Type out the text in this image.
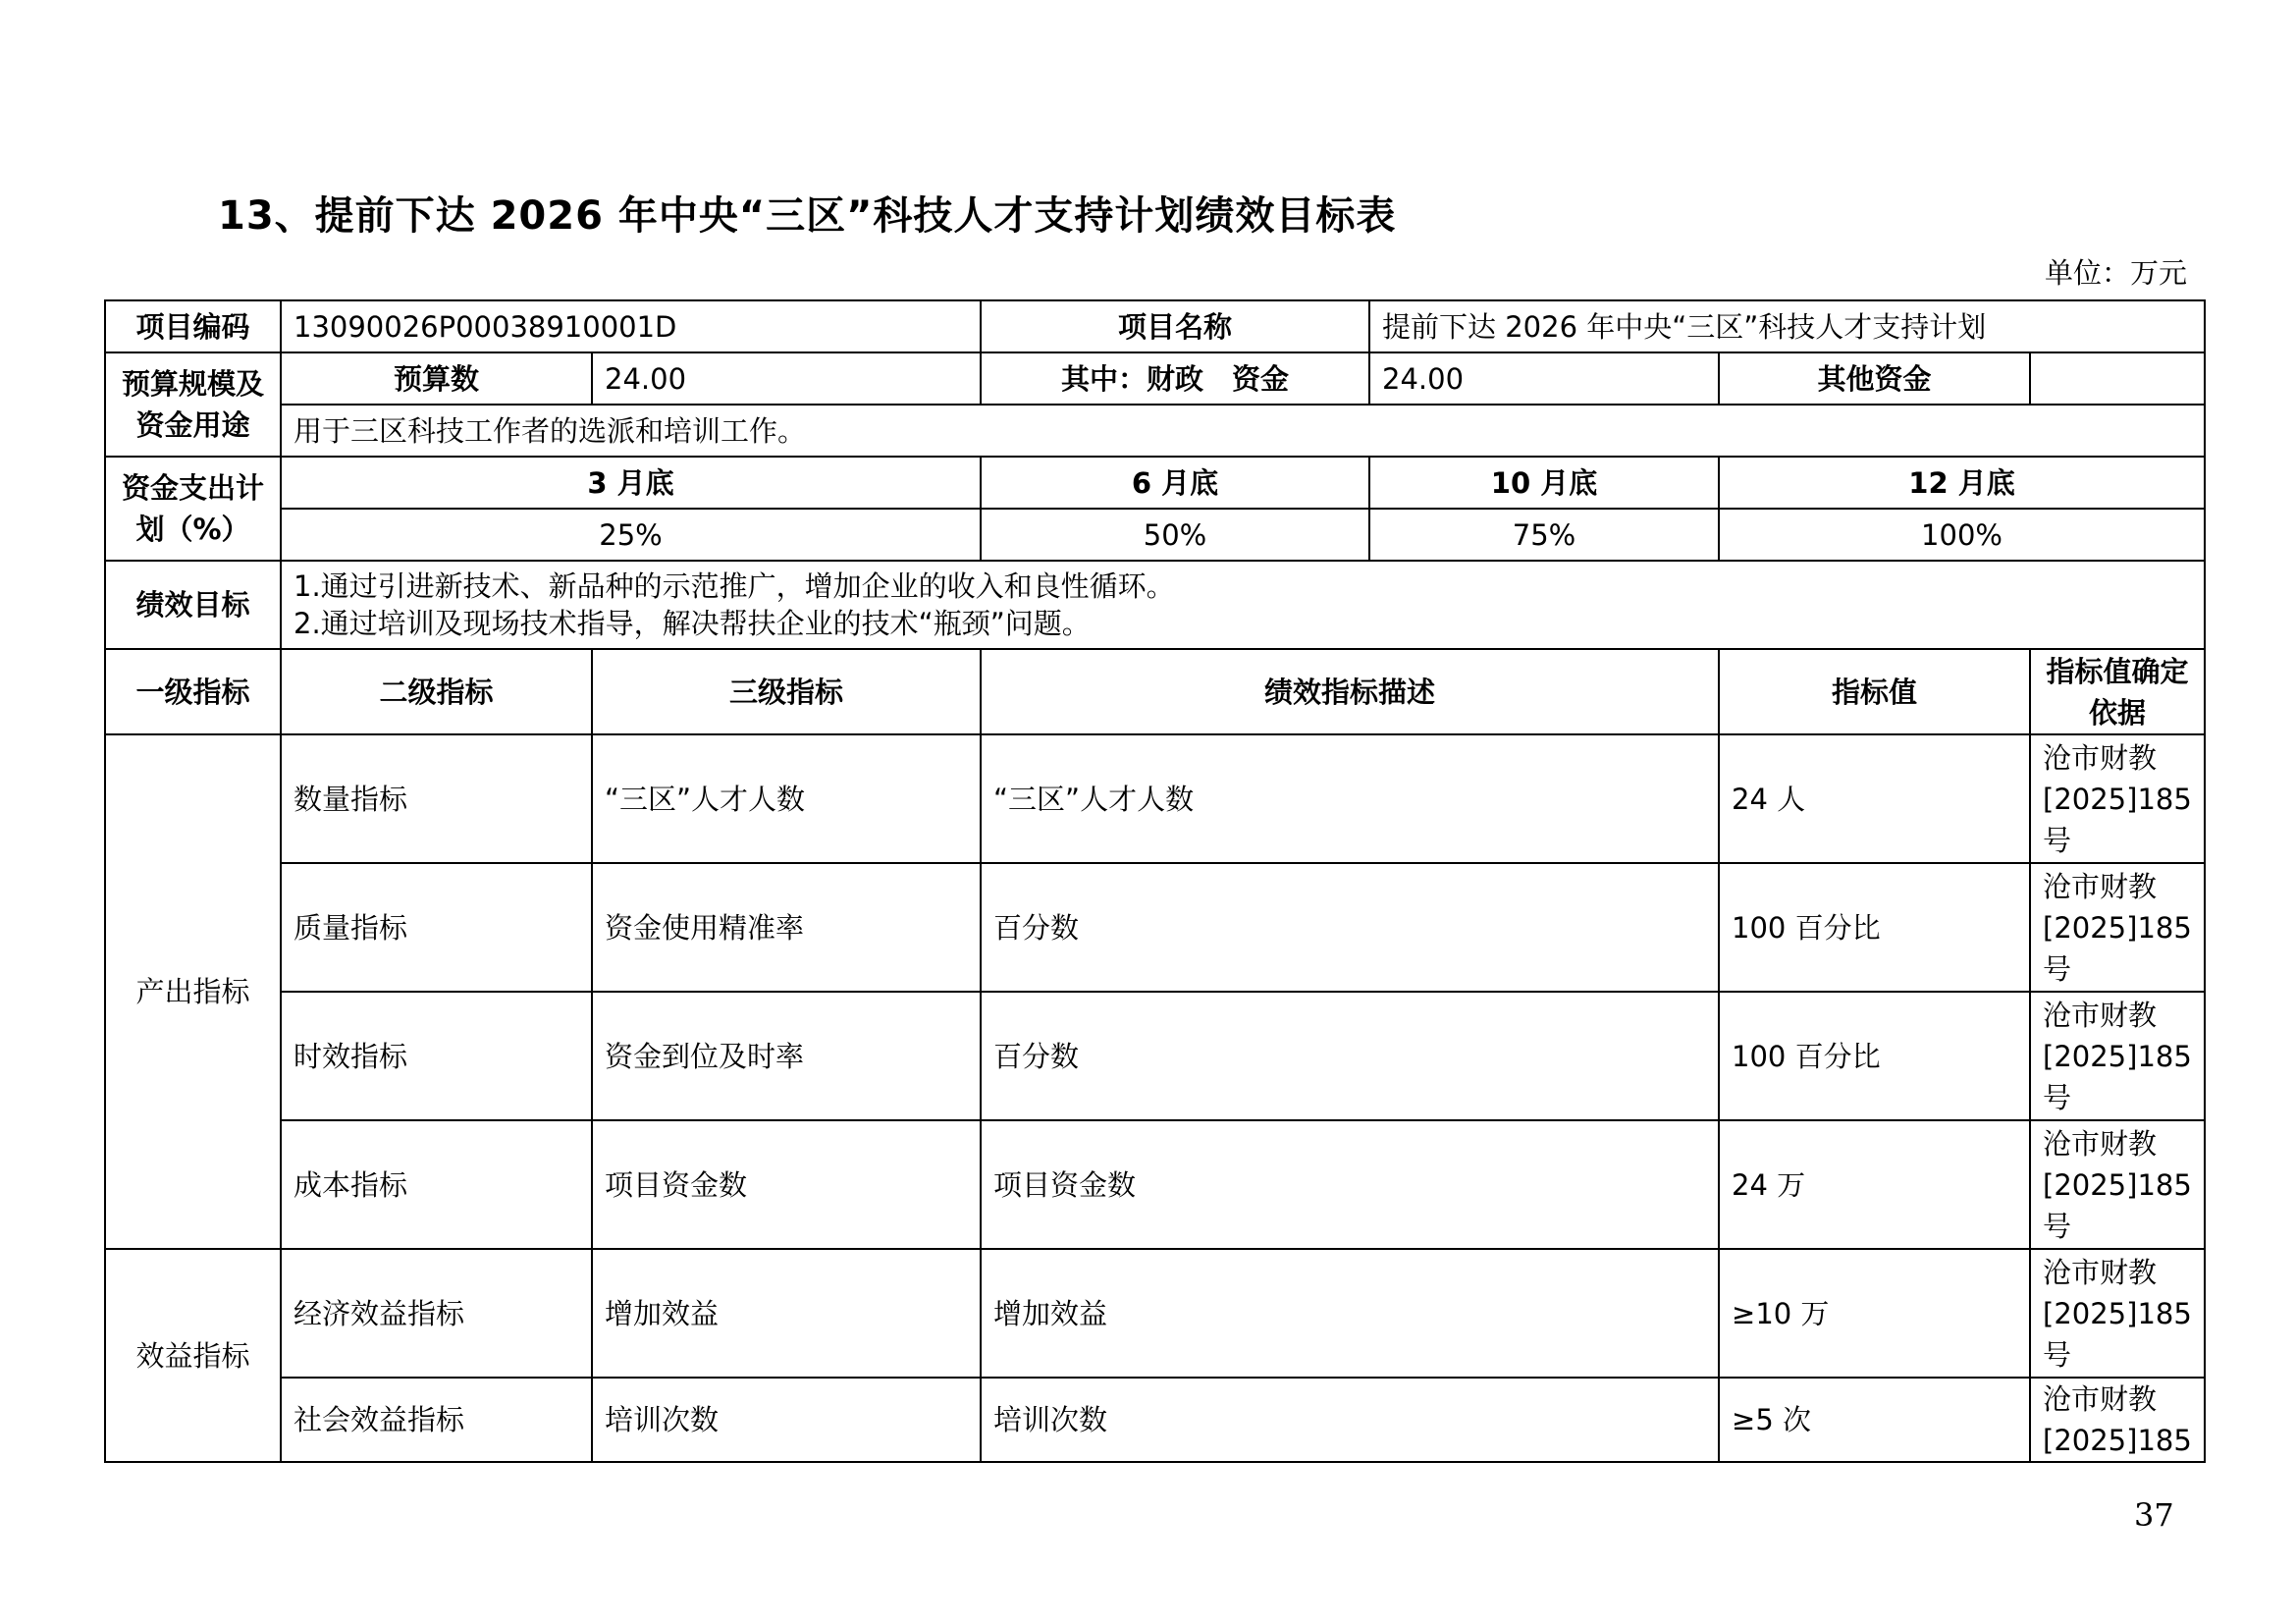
13、提前下达 2026 年中央“三区”科技人才支持计划绩效目标表
单位：万元
项目编码	13090026P00038910001D		项目名称	提前下达 2026 年中央“三区”科技人才支持计划		
预算规模及资金用途	预算数	24.00	其中：财政　资金	24.00	其他资金	
	用于三区科技工作者的选派和培训工作。					
资金支出计划（%）	3 月底		6 月底	10 月底	12 月底	
	25%		50%	75%	100%	
绩效目标	1.通过引进新技术、新品种的示范推广，增加企业的收入和良性循环。
2.通过培训及现场技术指导，解决帮扶企业的技术“瓶颈”问题。					

一级指标	二级指标	三级指标	绩效指标描述		指标值	指标值确定依据
产出指标	数量指标	“三区”人才人数	“三区”人才人数		24 人	沧市财教[2025]185号
	质量指标	资金使用精准率	百分数		100 百分比	沧市财教[2025]185号
	时效指标	资金到位及时率	百分数		100 百分比	沧市财教[2025]185号
	成本指标	项目资金数	项目资金数		24 万	沧市财教[2025]185号
效益指标	经济效益指标	增加效益	增加效益		≥10 万	沧市财教[2025]185号
	社会效益指标	培训次数	培训次数		≥5 次	沧市财教[2025]185
37
